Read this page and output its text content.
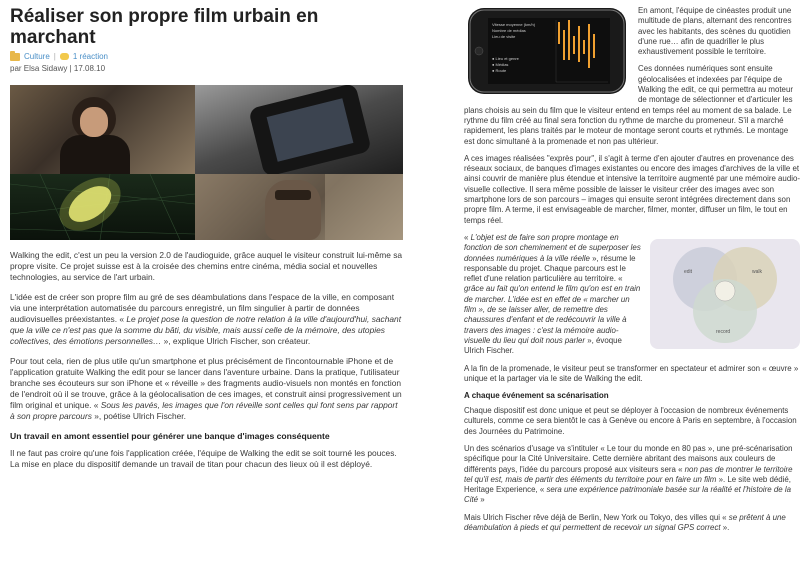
Réaliser son propre film urbain en marchant
Culture | 1 réaction
par Elsa Sidawy | 17.08.10

Walking the edit, c'est un peu la version 2.0 de l'audioguide, grâce auquel le visiteur construit lui-même sa propre visite. Ce projet suisse est à la croisée des chemins entre cinéma, média social et nouvelles technologies, au service de l'art urbain.

L'idée est de créer son propre film au gré de ses déambulations dans l'espace de la ville, en composant via une interprétation automatisée du parcours enregistré, un film singulier à partir de données audiovisuelles préexistantes. « Le projet pose la question de notre relation à la ville d'aujourd'hui, sachant que la ville ce n'est pas que la somme du bâti, du visible, mais aussi celle de la mémoire, des utopies collectives, des émotions personnelles… », explique Ulrich Fischer, son créateur.

Pour tout cela, rien de plus utile qu'un smartphone et plus précisément de l'incontournable iPhone et de l'application gratuite Walking the edit pour se lancer dans l'aventure urbaine. Dans la pratique, l'utilisateur branche ses écouteurs sur son iPhone et « réveille » des fragments audio-visuels non montés en fonction de l'endroit où il se trouve, grâce à la géolocalisation de ces images, et construit ainsi progressivement un film original et unique. « Sous les pavés, les images que l'on réveille sont celles qui font sens par rapport à son propre parcours », poétise Ulrich Fischer.

Un travail en amont essentiel pour générer une banque d'images conséquente

Il ne faut pas croire qu'une fois l'application créée, l'équipe de Walking the edit se soit tourné les pouces. La mise en place du dispositif demande un travail de titan pour chacun des lieux où il est déployé.

Vitesse moyenne (km/h)
Nombre de médias
Lieu de visite
● Lieu et genre
● Médias
● Route

En amont, l'équipe de cinéastes produit une multitude de plans, alternant des rencontres avec les habitants, des scènes du quotidien d'une rue… afin de quadriller le plus exhaustivement possible le territoire.

Ces données numériques sont ensuite géolocalisées et indexées par l'équipe de Walking the edit, ce qui permettra au moteur de montage de sélectionner et d'articuler les plans choisis au sein du film que le visiteur entend en temps réel au moment de sa balade. Le rythme du film créé au final sera fonction du rythme de marche du promeneur. S'il a marché rapidement, les plans traités par le moteur de montage seront courts et rythmés. Le montage est donc simultané à la promenade et non pas ultérieur.

A ces images réalisées "exprès pour", il s'agit à terme d'en ajouter d'autres en provenance des réseaux sociaux, de banques d'images existantes ou encore des images d'archives de la ville et ainsi couvrir de manière plus étendue et intensive la territoire augmenté par une mémoire audio-visuelle collective. Il sera même possible de laisser le visiteur créer des images avec son smartphone lors de son parcours – images qui ensuite seront intégrées directement dans son propre film. A terme, il est envisageable de marcher, filmer, monter, diffuser un film, le tout en temps réel.

edit	walk
record

« L'objet est de faire son propre montage en fonction de son cheminement et de superposer les données numériques à la ville réelle », résume le responsable du projet. Chaque parcours est le reflet d'une relation particulière au territoire. « grâce au fait qu'on entend le film qu'on est en train de marcher. L'idée est en effet de « marcher un film », de se laisser aller, de remettre des chaussures d'enfant et de redécouvrir la ville à travers des images : c'est la mémoire audio-visuelle du lieu qui doit nous parler », évoque Ulrich Fischer.

A la fin de la promenade, le visiteur peut se transformer en spectateur et admirer son « œuvre » unique et la partager via le site de Walking the edit.

A chaque événement sa scénarisation

Chaque dispositif est donc unique et peut se déployer à l'occasion de nombreux événements culturels, comme ce sera bientôt le cas à Genève ou encore à Paris en septembre, à l'occasion des Journées du Patrimoine.

Un des scénarios d'usage va s'intituler « Le tour du monde en 80 pas », une pré-scénarisation spécifique pour la Cité Universitaire. Cette dernière abritant des maisons aux couleurs de différents pays, l'idée du parcours proposé aux visiteurs sera « non pas de montrer le territoire tel qu'il est, mais de partir des éléments du territoire pour en faire un film ». Le site web dédié, Heritage Experience, « sera une expérience patrimoniale basée sur la réalité et l'histoire de la Cité »

Mais Ulrich Fischer rêve déjà de Berlin, New York ou Tokyo, des villes qui « se prêtent à une déambulation à pieds et qui permettent de recevoir un signal GPS correct ».
